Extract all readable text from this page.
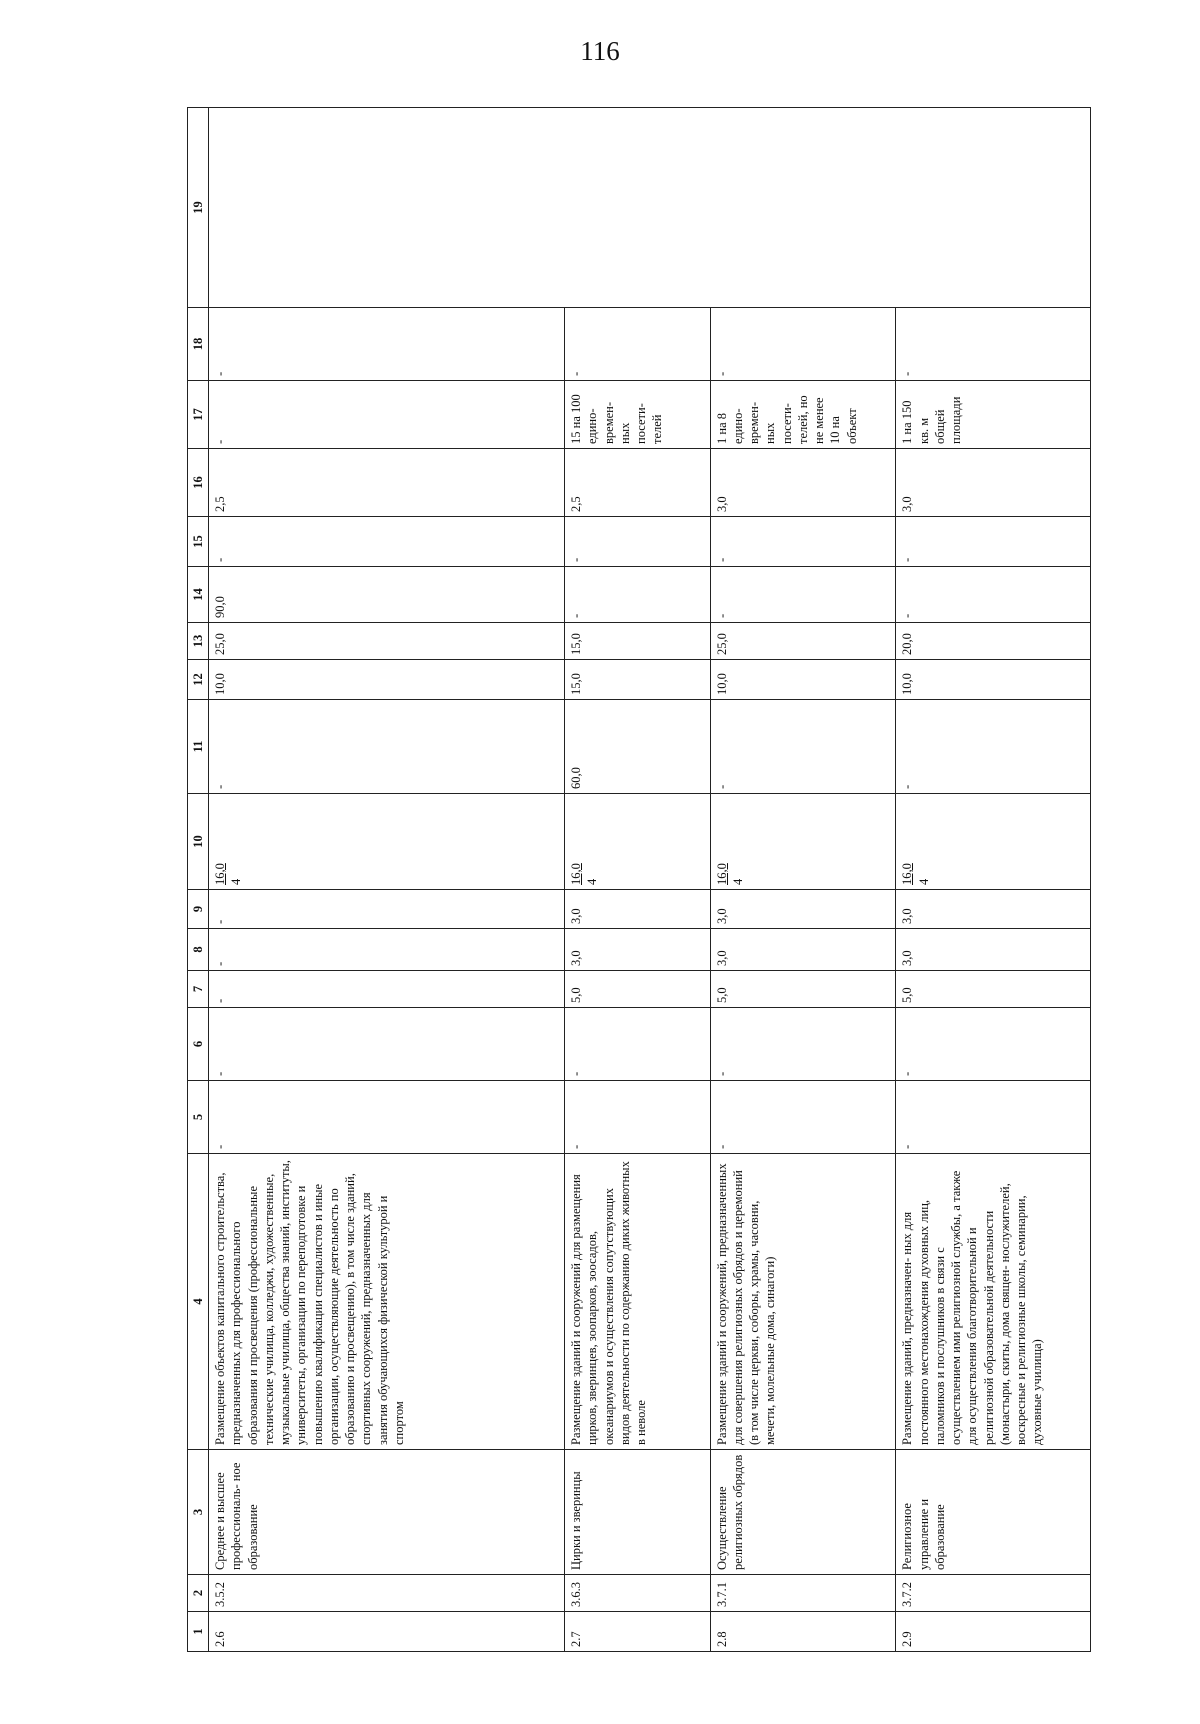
116
1	2	3	4	5	6	7	8	9	10	11	12	13	14	15	16	17	18	19
2.6	3.5.2	Среднее и высшее профессиональ- ное образование	Размещение объектов капитального строительства, предназначенных для профессионального образования и просвещения (профессиональные технические училища, колледжи, художественные, музыкальные училища, общества знаний, институты, университеты, организации по переподготовке и повышению квалификации специалистов и иные организации, осуществляющие деятельность по образованию и просвещению), в том числе зданий, спортивных сооружений, предназначенных для занятия обучающихся физической культурой и спортом	-	-	-	-	-	16,0 4	-	10,0	25,0	90,0	-	2,5	-	-	
2.7	3.6.3	Цирки и зверинцы	Размещение зданий и сооружений для размещения цирков, зверинцев, зоопарков, зоосадов, океанариумов и осуществления сопутствующих видов деятельности по содержанию диких животных в неволе	-	-	5,0	3,0	3,0	16,0 4	60,0	15,0	15,0	-	-	2,5	15 на 100 едино- времен- ных посети- телей	-	
2.8	3.7.1	Осуществление религиозных обрядов	Размещение зданий и сооружений, предназначенных для совершения религиозных обрядов и церемоний (в том числе церкви, соборы, храмы, часовни, мечети, молельные дома, синагоги)	-	-	5,0	3,0	3,0	16,0 4	-	10,0	25,0	-	-	3,0	1 на 8 едино- времен- ных посети- телей, но не менее 10 на объект	-	
2.9	3.7.2	Религиозное управление и образование	Размещение зданий, предназначен- ных для постоянного местонахождения духовных лиц, паломников и послушников в связи с осуществлением ими религиозной службы, а также для осуществления благотворительной и религиозной образовательной деятельности (монастыри, скиты, дома священ- нослужителей, воскресные и религиозные школы, семинарии, духовные училища)	-	-	5,0	3,0	3,0	16,0 4	-	10,0	20,0	-	-	3,0	1 на 150 кв. м общей площади	-	
